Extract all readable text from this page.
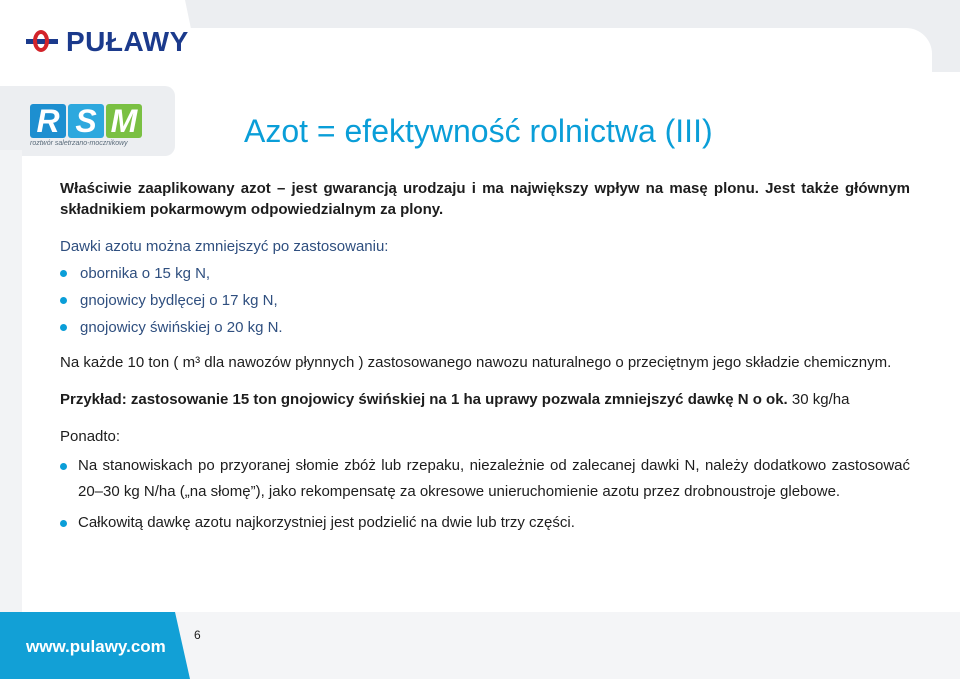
PUŁAWY
R S M
roztwór saletrzano-mocznikowy	Azot = efektywność rolnictwa (III)

Właściwie zaaplikowany azot – jest gwarancją urodzaju i ma największy wpływ na masę plonu. Jest także głównym składnikiem pokarmowym odpowiedzialnym za plony.

Dawki azotu można zmniejszyć po zastosowaniu:

obornika o 15 kg N,
gnojowicy bydlęcej o 17 kg N,
gnojowicy świńskiej o 20 kg N.

Na każde 10 ton ( m³ dla nawozów płynnych ) zastosowanego nawozu naturalnego o przeciętnym jego składzie chemicznym.

Przykład: zastosowanie 15 ton gnojowicy świńskiej na 1 ha uprawy pozwala zmniejszyć dawkę N o ok. 30 kg/ha

Ponadto:

Na stanowiskach po przyoranej słomie zbóż lub rzepaku, niezależnie od zalecanej dawki N, należy dodatkowo zastosować 20–30 kg N/ha („na słomę”), jako rekompensatę za okresowe unieruchomienie azotu przez drobnoustroje glebowe.
Całkowitą dawkę azotu najkorzystniej jest podzielić na dwie lub trzy części.
www.pulawy.com
6
